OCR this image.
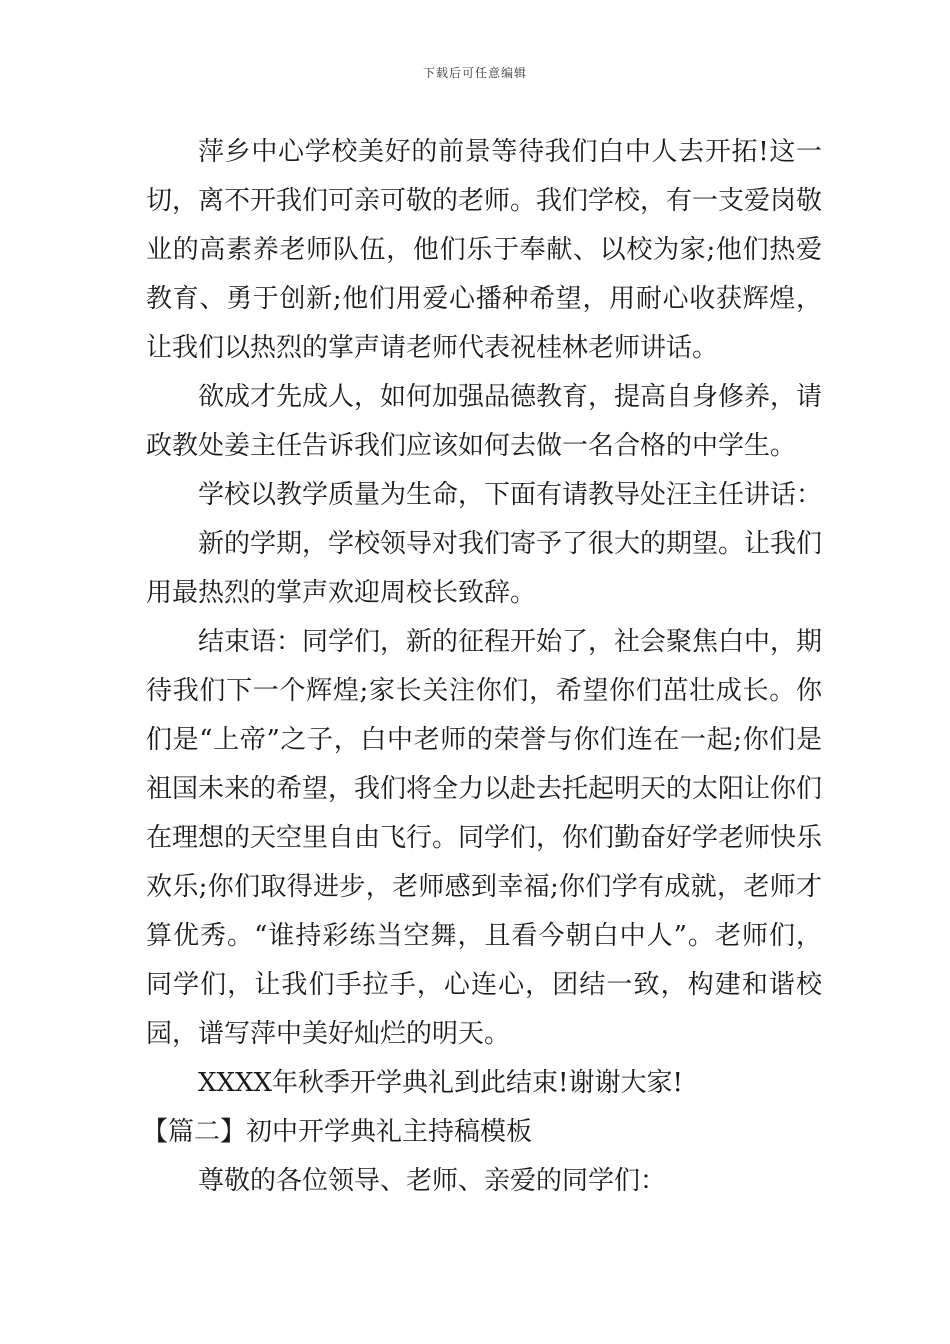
下载后可任意编辑

萍乡中心学校美好的前景等待我们白中人去开拓!这一切，离不开我们可亲可敬的老师。我们学校，有一支爱岗敬业的高素养老师队伍，他们乐于奉献、以校为家;他们热爱教育、勇于创新;他们用爱心播种希望，用耐心收获辉煌，让我们以热烈的掌声请老师代表祝桂林老师讲话。

欲成才先成人，如何加强品德教育，提高自身修养，请政教处姜主任告诉我们应该如何去做一名合格的中学生。

学校以教学质量为生命，下面有请教导处汪主任讲话：

新的学期，学校领导对我们寄予了很大的期望。让我们用最热烈的掌声欢迎周校长致辞。

结束语：同学们，新的征程开始了，社会聚焦白中，期待我们下一个辉煌;家长关注你们，希望你们茁壮成长。你们是“上帝”之子，白中老师的荣誉与你们连在一起;你们是祖国未来的希望，我们将全力以赴去托起明天的太阳让你们在理想的天空里自由飞行。同学们，你们勤奋好学老师快乐欢乐;你们取得进步，老师感到幸福;你们学有成就，老师才算优秀。“谁持彩练当空舞，且看今朝白中人”。老师们，同学们，让我们手拉手，心连心，团结一致，构建和谐校园，谱写萍中美好灿烂的明天。

XXXX年秋季开学典礼到此结束!谢谢大家!

【篇二】初中开学典礼主持稿模板

尊敬的各位领导、老师、亲爱的同学们：
